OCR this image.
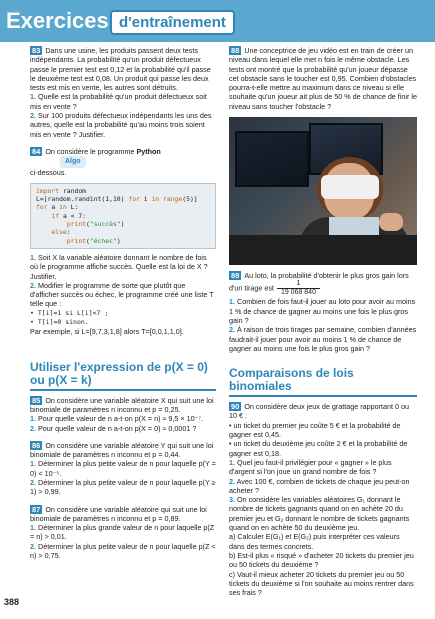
Exercices d'entraînement

83 Dans une usine, les produits passent deux tests indépendants. La probabilité qu'un produit défectueux passe le premier test est 0,12 et la probabilité qu'il passe le deuxième test est 0,08. Un produit qui passe les deux tests est mis en vente, les autres sont détruits.

1. Quelle est la probabilité qu'un produit défectueux soit mis en vente ?

2. Sur 100 produits défectueux indépendants les uns des autres, quelle est la probabilité qu'au moins trois soient mis en vente ? Justifier.

84 On considère le programme PythonAlgo
ci-dessous.

import random
L=[random.randint(1,10) for i in range(5)]
for a in L:
if a < 7:
print("succès")
else:
print("échec")

1. Soit X la variable aléatoire donnant le nombre de fois où le programme affiche succès. Quelle est la loi de X ? Justifier.

2. Modifier le programme de sorte que plutôt que d'afficher succès ou échec, le programme créé une liste T telle que :

• T[i]=1 si L[i]<7 ;

• T[i]=0 sinon.

Par exemple, si L=[9,7,3,1,8] alors T=[0,0,1,1,0].

Utiliser l'expression de p(X = 0) ou p(X = k)

85 On considère une variable aléatoire X qui suit une loi binomiale de paramètres n inconnu et p = 0,25.

1. Pour quelle valeur de n a-t-on p(X = n) ≈ 9,5 × 10⁻⁷.

2. Pour quelle valeur de n a-t-on p(X = 0) ≈ 0,0001 ?

86 On considère une variable aléatoire Y qui suit une loi binomiale de paramètres n inconnu et p = 0,44.

1. Déterminer la plus petite valeur de n pour laquelle p(Y = 0) < 10⁻⁵.

2. Déterminer la plus petite valeur de n pour laquelle p(Y ≥ 1) > 0,99.

87 On considère une variable aléatoire qui suit une loi binomiale de paramètres n inconnu et p = 0,89.

1. Déterminer la plus grande valeur de n pour laquelle p(Z = n) > 0,01.

2. Déterminer la plus petite valeur de n pour laquelle p(Z < n) > 0,75.

88 Une conceptrice de jeu vidéo est en train de créer un niveau dans lequel elle met n fois le même obstacle. Les tests ont montré que la probabilité qu'un joueur dépasse cet obstacle sans le toucher est 0,95. Combien d'obstacles pourra-t-elle mettre au maximum dans ce niveau si elle souhaite qu'un joueur ait plus de 50 % de chance de finir le niveau sans toucher l'obstacle ?

89 Au loto, la probabilité d'obtenir le plus gros gain lors d'un tirage est $\frac{1}{19 068 840}$

1. Combien de fois faut-il jouer au loto pour avoir au moins 1 % de chance de gagner au moins une fois le plus gros gain ?

2. À raison de trois tirages par semaine, combien d'années faudrait-il jouer pour avoir au moins 1 % de chance de gagner au moins une fois le plus gros gain ?

Comparaisons de lois binomiales

90 On considère deux jeux de grattage rapportant 0 ou 10 € :

• un ticket du premier jeu coûte 5 € et la probabilité de gagner est 0,45.

• un ticket du deuxième jeu coûte 2 € et la probabilité de gagner est 0,18.

1. Quel jeu faut-il privilégier pour « gagner » le plus d'argent si l'on joue un grand nombre de fois ?

2. Avec 100 €, combien de tickets de chaque jeu peut-on acheter ?

3. On considère les variables aléatoires G₁ donnant le nombre de tickets gagnants quand on en achète 20 du premier jeu et G₂ donnant le nombre de tickets gagnants quand on en achète 50 du deuxième jeu.

a) Calculer E(G₁) et E(G₂) puis interpréter ces valeurs dans des termes concrets.

b) Est-il plus « risqué » d'acheter 20 tickets du premier jeu ou 50 tickets du deuxième ?

c) Vaut-il mieux acheter 20 tickets du premier jeu ou 50 tickets du deuxième si l'on souhaite au moins rentrer dans ses frais ?

388
